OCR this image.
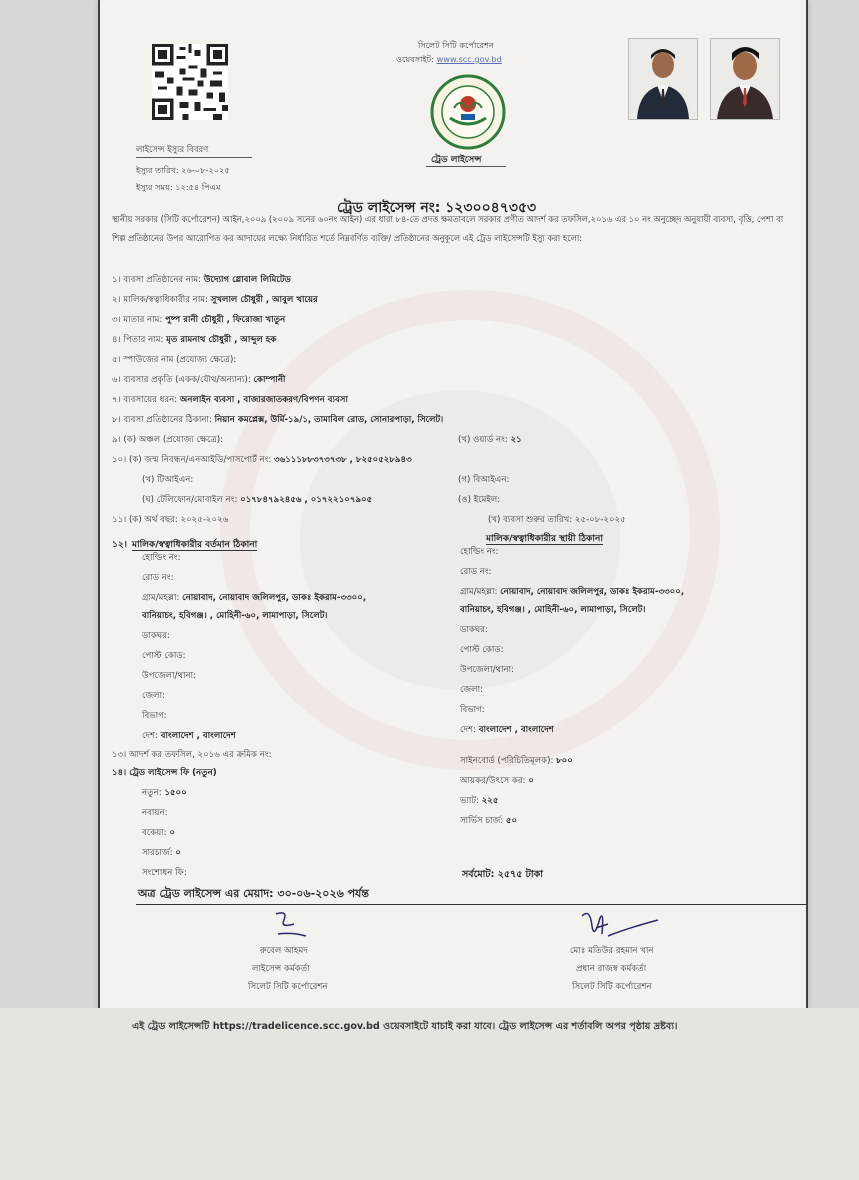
লাইসেন্স ইস্যুর বিবরণ
ইস্যুর তারিখ: ২৬-০৮-২০২৫
ইস্যুর সময়: ১২:৫৪ পিএম
সিলেট সিটি কর্পোরেশন
ওয়েবসাইট: www.scc.gov.bd
ট্রেড লাইসেন্স
ট্রেড লাইসেন্স নং: ১২৩০০৪৭৩৫৩
স্থানীয় সরকার (সিটি কর্পোরেশন) আইন,২০০৯ (২০০৯ সনের ৬০নং আইন) এর ধারা ৮৪-তে প্রদত্ত ক্ষমতাবলে সরকার প্রণীত আদর্শ কর তফসিল,২০১৬ এর ১০ নং অনুচ্ছেদ অনুযায়ী ব্যবসা, বৃত্তি, পেশা বা শিল্প প্রতিষ্ঠানের উপর আরোপিত কর আদায়ের লক্ষ্যে নির্ধারিত শর্তে নিম্নবর্ণিত ব্যক্তি/ প্রতিষ্ঠানের অনুকূলে এই ট্রেড লাইসেন্সটি ইস্যু করা হলো:
১। ব্যবসা প্রতিষ্ঠানের নাম: উদ্যোগ গ্লোবাল লিমিটেড
২। মালিক/স্বত্বাধিকারীর নাম: সুখলাল চৌধুরী , আবুল খায়ের
৩। মাতার নাম: পুষ্প রানী চৌধুরী , ফিরোজা খাতুন
৪। পিতার নাম: মৃত রামনাথ চৌধুরী , আব্দুল হক
৫। স্পাউজের নাম (প্রযোজ্য ক্ষেত্রে):
৬। ব্যবসার প্রকৃতি (একক/যৌথ/অন্যান্য): কোম্পানী
৭। ব্যবসায়ের ধরন: অনলাইন ব্যবসা , বাজারজাতকরণ/বিপণন ব্যবসা
৮। ব্যবসা প্রতিষ্ঠানের ঠিকানা: নিয়ান কমপ্লেক্স, উর্মি-১৯/১, তামাবিল রোড, সোনারপাড়া, সিলেট।
৯। (ক) অঞ্চল (প্রযোজ্য ক্ষেত্রে):	(খ) ওয়ার্ড নং: ২১
১০। (ক) জন্ম নিবন্ধন/এনআইডি/পাসপোর্ট নং: ৩৬১১১৮৮৩৭৩৭৩৮ , ৮২৫০৫২৮৯৪৩
(খ) টিআইএন:	(গ) বিআইএন:
(ঘ) টেলিফোন/মোবাইল নং: ০১৭৮৪৭৯২৪৫৬ , ০১৭২২১০৭৯০৫	(ঙ) ইমেইল:
১১। (ক) অর্থ বছর: ২০২৫-২০২৬	(খ) ব্যবসা শুরুর তারিখ: ২৫-০৮-২০২৫
১২। মালিক/স্বত্বাধিকারীর বর্তমান ঠিকানা
মালিক/স্বত্বাধিকারীর স্থায়ী ঠিকানা
হোল্ডিং নং:
রোড নং:
গ্রাম/মহল্লা: নোয়াবাদ, নোয়াবাদ জলিলপুর, ডাকঃ ইকরাম-৩৩০০,
বানিয়াচং, হবিগঞ্জ। , মোহিনী-৬০, লামাপাড়া, সিলেট।
ডাকঘর:
পোস্ট কোড:
উপজেলা/থানা:
জেলা:
বিভাগ:
দেশ: বাংলাদেশ , বাংলাদেশ
হোল্ডিং নং:
রোড নং:
গ্রাম/মহল্লা: নোয়াবাদ, নোয়াবাদ জলিলপুর, ডাকঃ ইকরাম-৩৩০০,
বানিয়াচং, হবিগঞ্জ। , মোহিনী-৬০, লামাপাড়া, সিলেট।
ডাকঘর:
পোস্ট কোড:
উপজেলা/থানা:
জেলা:
বিভাগ:
দেশ: বাংলাদেশ , বাংলাদেশ
১৩। আদর্শ কর তফসিল, ২০১৬ এর ক্রমিক নং:
১৪। ট্রেড লাইসেন্স ফি (নতুন)
নতুন: ১৫০০
নবায়ন:
বকেয়া: ০
সারচার্জ: ০
সংশোধন ফি:
সাইনবোর্ড (পরিচিতিমূলক): ৮০০
আয়কর/উৎসে কর: ০
ভ্যাট: ২২৫
সার্ভিস চার্জ: ৫০
সর্বমোট: ২৫৭৫ টাকা
অত্র ট্রেড লাইসেন্স এর মেয়াদ: ৩০-০৬-২০২৬ পর্যন্ত
রুবেল আহমদ
লাইসেন্স কর্মকর্তা
সিলেট সিটি কর্পোরেশন
মোঃ মতিউর রহমান খান
প্রধান রাজস্ব কর্মকর্তা
সিলেট সিটি কর্পোরেশন
এই ট্রেড লাইসেন্সটি https://tradelicence.scc.gov.bd ওয়েবসাইটে যাচাই করা যাবে। ট্রেড লাইসেন্স এর শর্তাবলি অপর পৃষ্ঠায় দ্রষ্টব্য।
